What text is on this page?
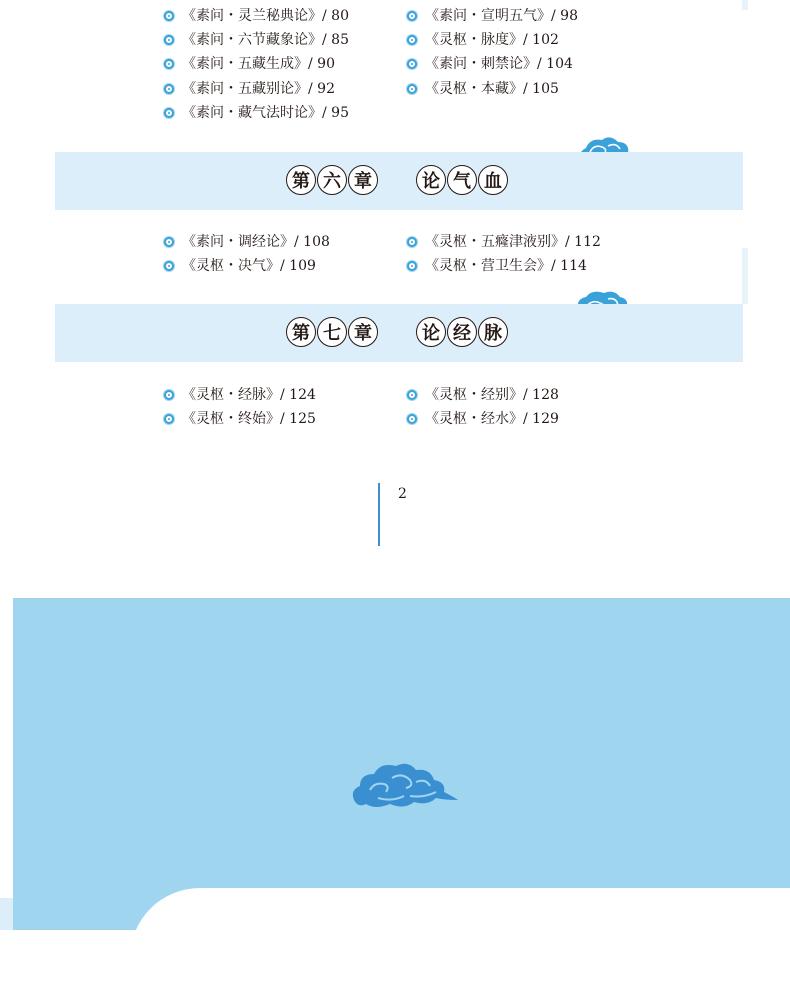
《素问・灵兰秘典论》/ 80
《素问・六节藏象论》/ 85
《素问・五藏生成》/ 90
《素问・五藏别论》/ 92
《素问・藏气法时论》/ 95
《素问・宣明五气》/ 98
《灵枢・脉度》/ 102
《素问・刺禁论》/ 104
《灵枢・本藏》/ 105
第 六 章	论 气 血
《素问・调经论》/ 108
《灵枢・决气》/ 109
《灵枢・五癃津液别》/ 112
《灵枢・营卫生会》/ 114
第 七 章	论 经 脉
《灵枢・经脉》/ 124
《灵枢・终始》/ 125
《灵枢・经别》/ 128
《灵枢・经水》/ 129
2
